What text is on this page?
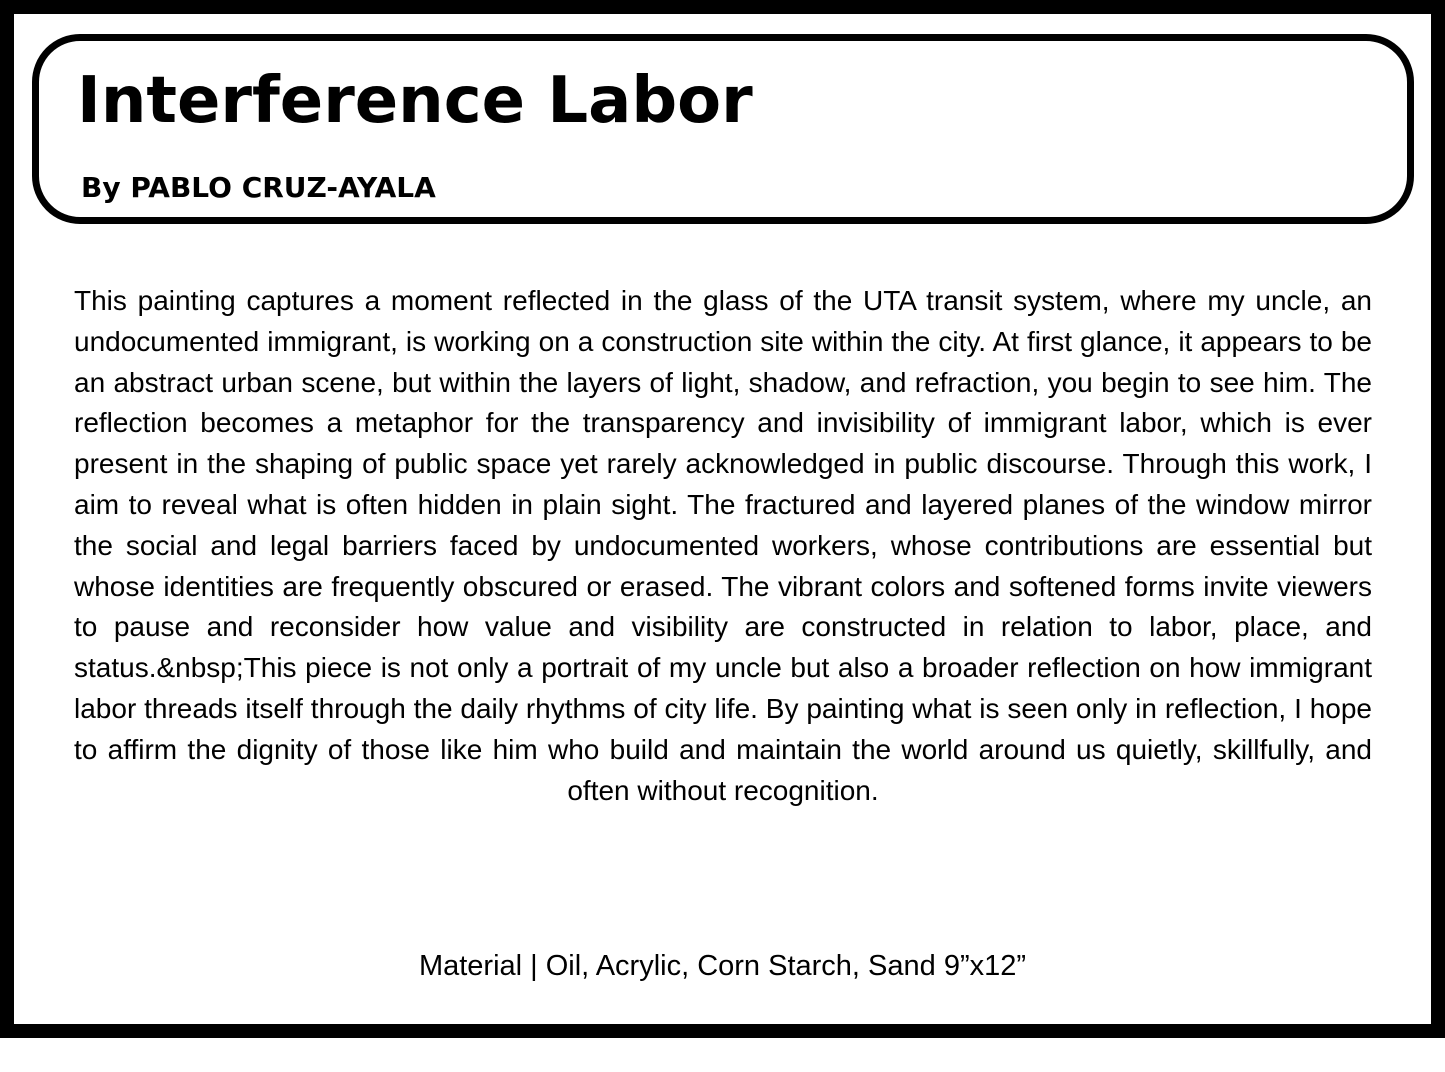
Interference Labor
By PABLO CRUZ-AYALA

This painting captures a moment reflected in the glass of the UTA transit system, where my uncle, an undocumented immigrant, is working on a construction site within the city. At first glance, it appears to be an abstract urban scene, but within the layers of light, shadow, and refraction, you begin to see him. The reflection becomes a metaphor for the transparency and invisibility of immigrant labor, which is ever present in the shaping of public space yet rarely acknowledged in public discourse. Through this work, I aim to reveal what is often hidden in plain sight. The fractured and layered planes of the window mirror the social and legal barriers faced by undocumented workers, whose contributions are essential but whose identities are frequently obscured or erased. The vibrant colors and softened forms invite viewers to pause and reconsider how value and visibility are constructed in relation to labor, place, and status.&nbsp;This piece is not only a portrait of my uncle but also a broader reflection on how immigrant labor threads itself through the daily rhythms of city life. By painting what is seen only in reflection, I hope to affirm the dignity of those like him who build and maintain the world around us quietly, skillfully, and often without recognition.

Material | Oil, Acrylic, Corn Starch, Sand 9”x12”
